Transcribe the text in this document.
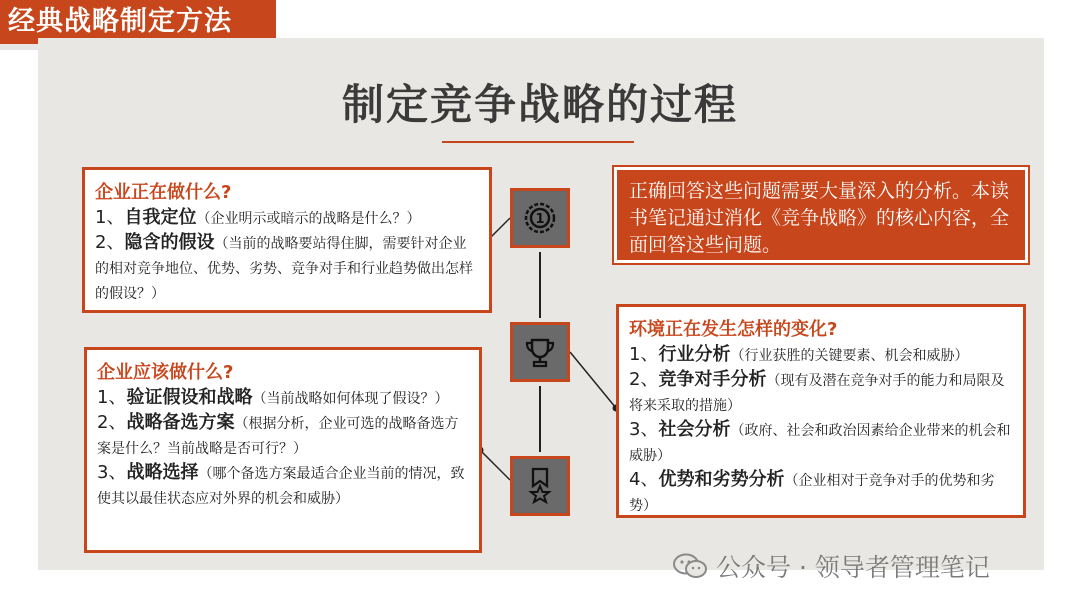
经典战略制定方法
制定竞争战略的过程
企业正在做什么?
1、自我定位（企业明示或暗示的战略是什么？）
2、隐含的假设（当前的战略要站得住脚，需要针对企业的相对竞争地位、优势、劣势、竞争对手和行业趋势做出怎样的假设？）
企业应该做什么?
1、验证假设和战略（当前战略如何体现了假设？）
2、战略备选方案（根据分析，企业可选的战略备选方案是什么？当前战略是否可行？）
3、战略选择（哪个备选方案最适合企业当前的情况，致使其以最佳状态应对外界的机会和威胁）
正确回答这些问题需要大量深入的分析。本读书笔记通过消化《竞争战略》的核心内容，全面回答这些问题。
环境正在发生怎样的变化?
1、行业分析（行业获胜的关键要素、机会和威胁）
2、竞争对手分析（现有及潜在竞争对手的能力和局限及将来采取的措施）
3、社会分析（政府、社会和政治因素给企业带来的机会和威胁）
4、优势和劣势分析（企业相对于竞争对手的优势和劣势）
1
公众号 · 领导者管理笔记
